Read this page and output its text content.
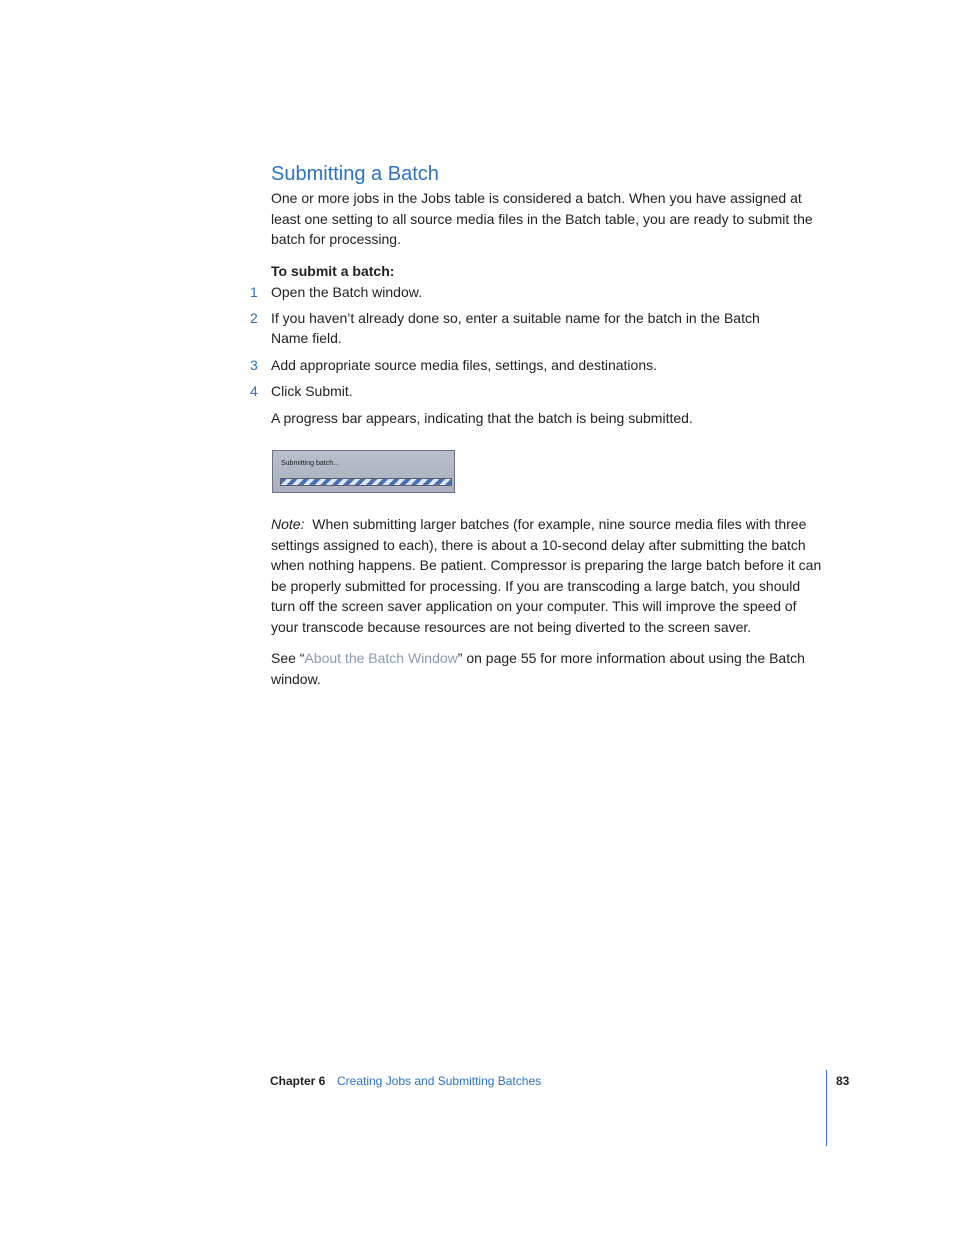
Submitting a Batch

One or more jobs in the Jobs table is considered a batch. When you have assigned at least one setting to all source media files in the Batch table, you are ready to submit the batch for processing.

To submit a batch:

1 Open the Batch window.
2 If you haven’t already done so, enter a suitable name for the batch in the Batch Name field.
3 Add appropriate source media files, settings, and destinations.
4 Click Submit.

A progress bar appears, indicating that the batch is being submitted.

Submitting batch...

Note: When submitting larger batches (for example, nine source media files with three settings assigned to each), there is about a 10-second delay after submitting the batch when nothing happens. Be patient. Compressor is preparing the large batch before it can be properly submitted for processing. If you are transcoding a large batch, you should turn off the screen saver application on your computer. This will improve the speed of your transcode because resources are not being diverted to the screen saver.

See “About the Batch Window” on page 55 for more information about using the Batch window.

Chapter 6 Creating Jobs and Submitting Batches	83
